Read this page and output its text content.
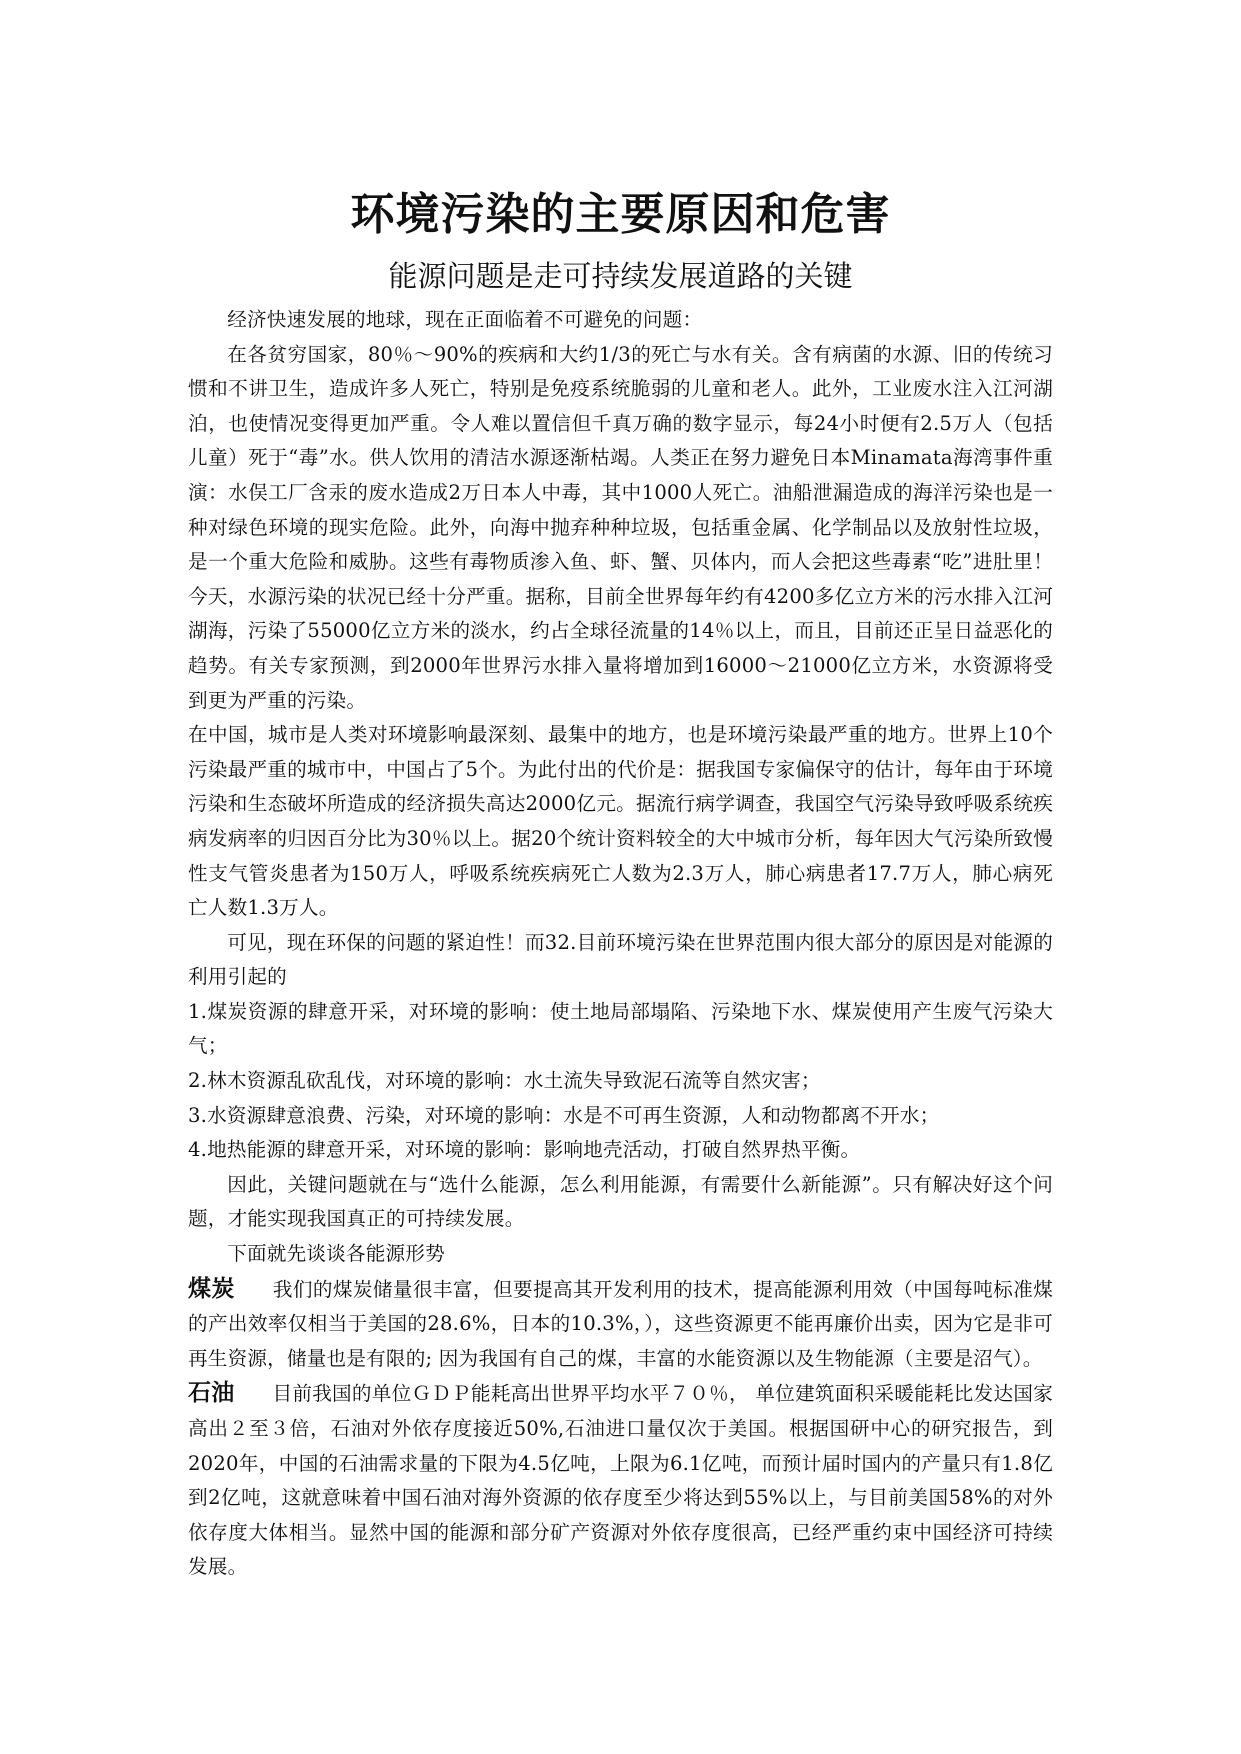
环境污染的主要原因和危害
能源问题是走可持续发展道路的关键

经济快速发展的地球，现在正面临着不可避免的问题：

在各贫穷国家，80％～90%的疾病和大约1/3的死亡与水有关。含有病菌的水源、旧的传统习惯和不讲卫生，造成许多人死亡，特别是免疫系统脆弱的儿童和老人。此外，工业废水注入江河湖泊，也使情况变得更加严重。令人难以置信但千真万确的数字显示，每24小时便有2.5万人（包括儿童）死于“毒”水。供人饮用的清洁水源逐渐枯竭。人类正在努力避免日本Minamata海湾事件重演：水俣工厂含汞的废水造成2万日本人中毒，其中1000人死亡。油船泄漏造成的海洋污染也是一种对绿色环境的现实危险。此外，向海中抛弃种种垃圾，包括重金属、化学制品以及放射性垃圾，是一个重大危险和威胁。这些有毒物质渗入鱼、虾、蟹、贝体内，而人会把这些毒素“吃”进肚里！今天，水源污染的状况已经十分严重。据称，目前全世界每年约有4200多亿立方米的污水排入江河湖海，污染了55000亿立方米的淡水，约占全球径流量的14％以上，而且，目前还正呈日益恶化的趋势。有关专家预测，到2000年世界污水排入量将增加到16000～21000亿立方米，水资源将受到更为严重的污染。

在中国，城市是人类对环境影响最深刻、最集中的地方，也是环境污染最严重的地方。世界上10个污染最严重的城市中，中国占了5个。为此付出的代价是：据我国专家偏保守的估计，每年由于环境污染和生态破坏所造成的经济损失高达2000亿元。据流行病学调查，我国空气污染导致呼吸系统疾病发病率的归因百分比为30％以上。据20个统计资料较全的大中城市分析，每年因大气污染所致慢性支气管炎患者为150万人，呼吸系统疾病死亡人数为2.3万人，肺心病患者17.7万人，肺心病死亡人数1.3万人。

可见，现在环保的问题的紧迫性！而32.目前环境污染在世界范围内很大部分的原因是对能源的利用引起的

1.煤炭资源的肆意开采，对环境的影响：使土地局部塌陷、污染地下水、煤炭使用产生废气污染大气；

2.林木资源乱砍乱伐，对环境的影响：水土流失导致泥石流等自然灾害；

3.水资源肆意浪费、污染，对环境的影响：水是不可再生资源，人和动物都离不开水；

4.地热能源的肆意开采，对环境的影响：影响地壳活动，打破自然界热平衡。

因此，关键问题就在与“选什么能源，怎么利用能源，有需要什么新能源”。只有解决好这个问题，才能实现我国真正的可持续发展。

下面就先谈谈各能源形势

煤炭 我们的煤炭储量很丰富，但要提高其开发利用的技术，提高能源利用效（中国每吨标准煤的产出效率仅相当于美国的28.6%，日本的10.3%，），这些资源更不能再廉价出卖，因为它是非可再生资源，储量也是有限的; 因为我国有自己的煤，丰富的水能资源以及生物能源（主要是沼气）。

石油 目前我国的单位ＧＤＰ能耗高出世界平均水平７０％， 单位建筑面积采暖能耗比发达国家高出２至３倍，石油对外依存度接近50%,石油进口量仅次于美国。根据国研中心的研究报告，到2020年，中国的石油需求量的下限为4.5亿吨，上限为6.1亿吨，而预计届时国内的产量只有1.8亿到2亿吨，这就意味着中国石油对海外资源的依存度至少将达到55%以上，与目前美国58%的对外依存度大体相当。显然中国的能源和部分矿产资源对外依存度很高，已经严重约束中国经济可持续发展。
